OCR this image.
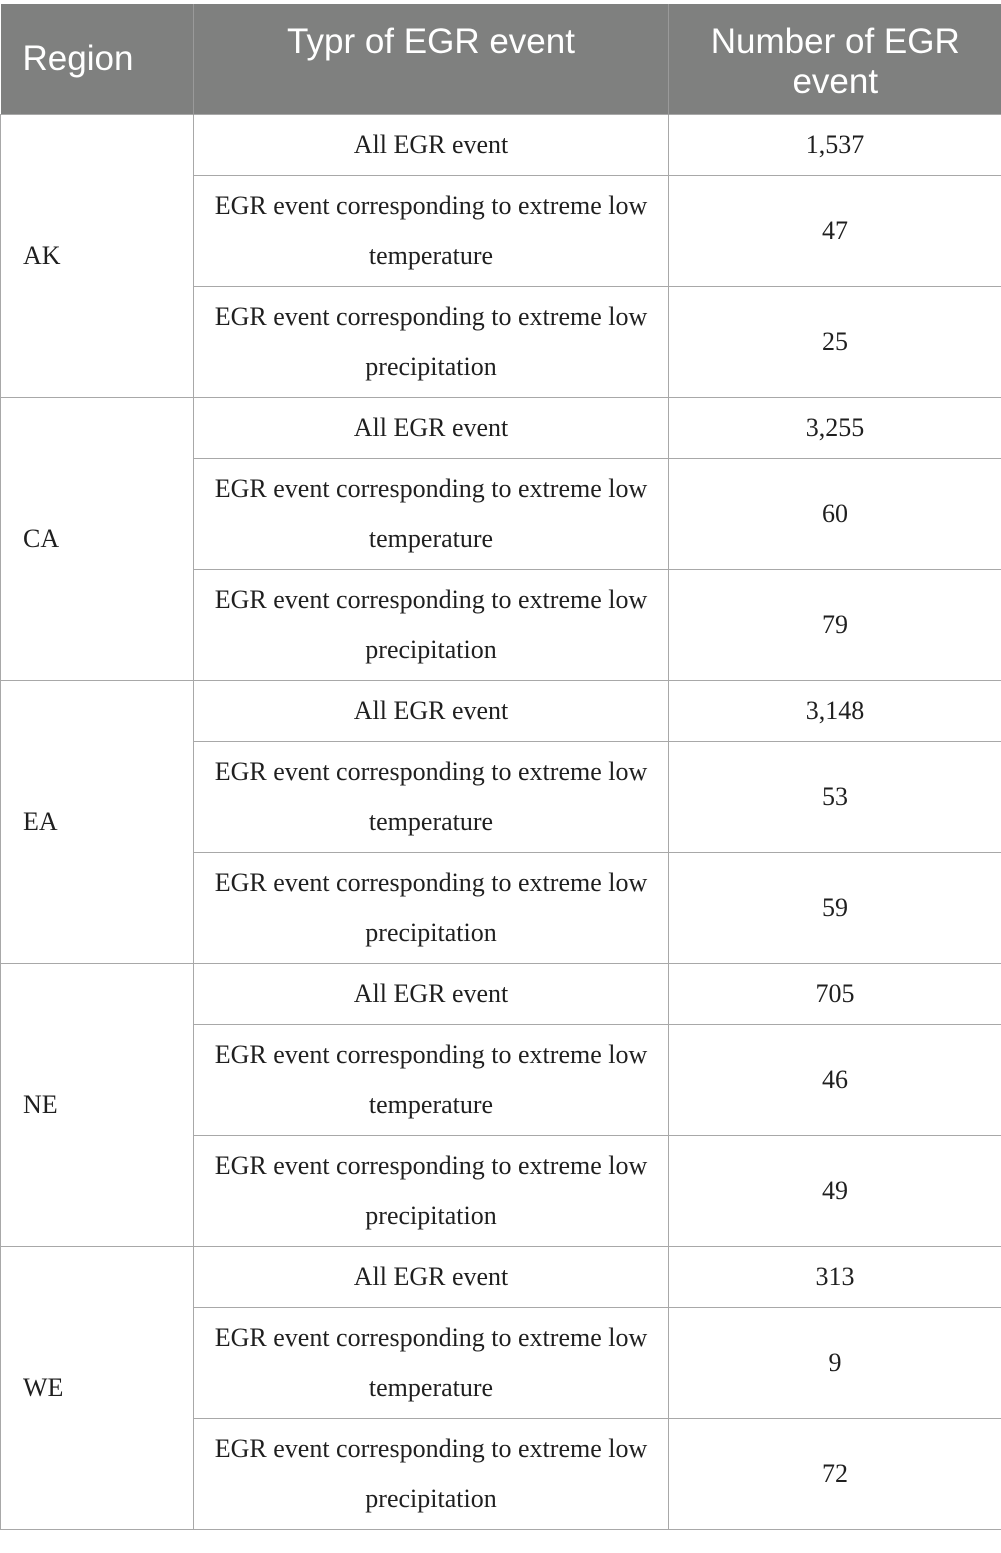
Region	Typr of EGR event	Number of EGR event
AK	All EGR event	1,537
	EGR event corresponding to extreme low temperature	47
	EGR event corresponding to extreme low precipitation	25
CA	All EGR event	3,255
	EGR event corresponding to extreme low temperature	60
	EGR event corresponding to extreme low precipitation	79
EA	All EGR event	3,148
	EGR event corresponding to extreme low temperature	53
	EGR event corresponding to extreme low precipitation	59
NE	All EGR event	705
	EGR event corresponding to extreme low temperature	46
	EGR event corresponding to extreme low precipitation	49
WE	All EGR event	313
	EGR event corresponding to extreme low temperature	9
	EGR event corresponding to extreme low precipitation	72
